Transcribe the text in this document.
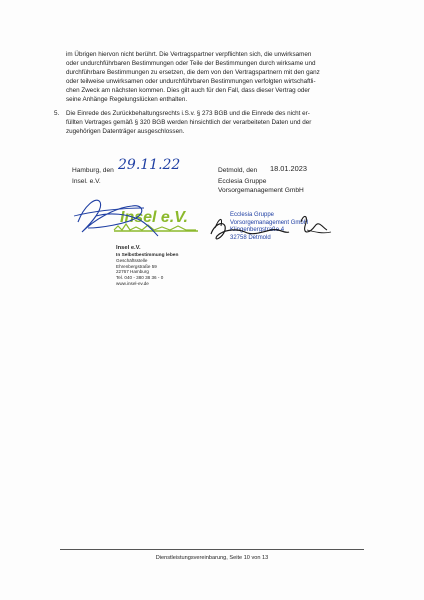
im Übrigen hiervon nicht berührt. Die Vertragspartner verpflichten sich, die unwirksamen
oder undurchführbaren Bestimmungen oder Teile der Bestimmungen durch wirksame und
durchführbare Bestimmungen zu ersetzen, die dem von den Vertragspartnern mit den ganz
oder teilweise unwirksamen oder undurchführbaren Bestimmungen verfolgten wirtschaftli-
chen Zweck am nächsten kommen. Dies gilt auch für den Fall, dass dieser Vertrag oder
seine Anhänge Regelungslücken enthalten.
5. Die Einrede des Zurückbehaltungsrechts i.S.v. § 273 BGB und die Einrede des nicht er-
füllten Vertrages gemäß § 320 BGB werden hinsichtlich der verarbeiteten Daten und der
zugehörigen Datenträger ausgeschlossen.
Hamburg, den 29.11.22
Insel. e.V.
Insel e.V.
Insel e.V.
In Selbstbestimmung leben
Geschäftsstelle
Ehrenbergstraße 59
22767 Hamburg
Tel. 040 - 380 38 36 - 0
www.insel-ev.de
Detmold, den 18.01.2023
Ecclesia Gruppe
Vorsorgemanagement GmbH
Ecclesia Gruppe
Vorsorgemanagement GmbH
Klingenbergstraße 4
32758 Detmold
Dienstleistungsvereinbarung, Seite 10 von 13
